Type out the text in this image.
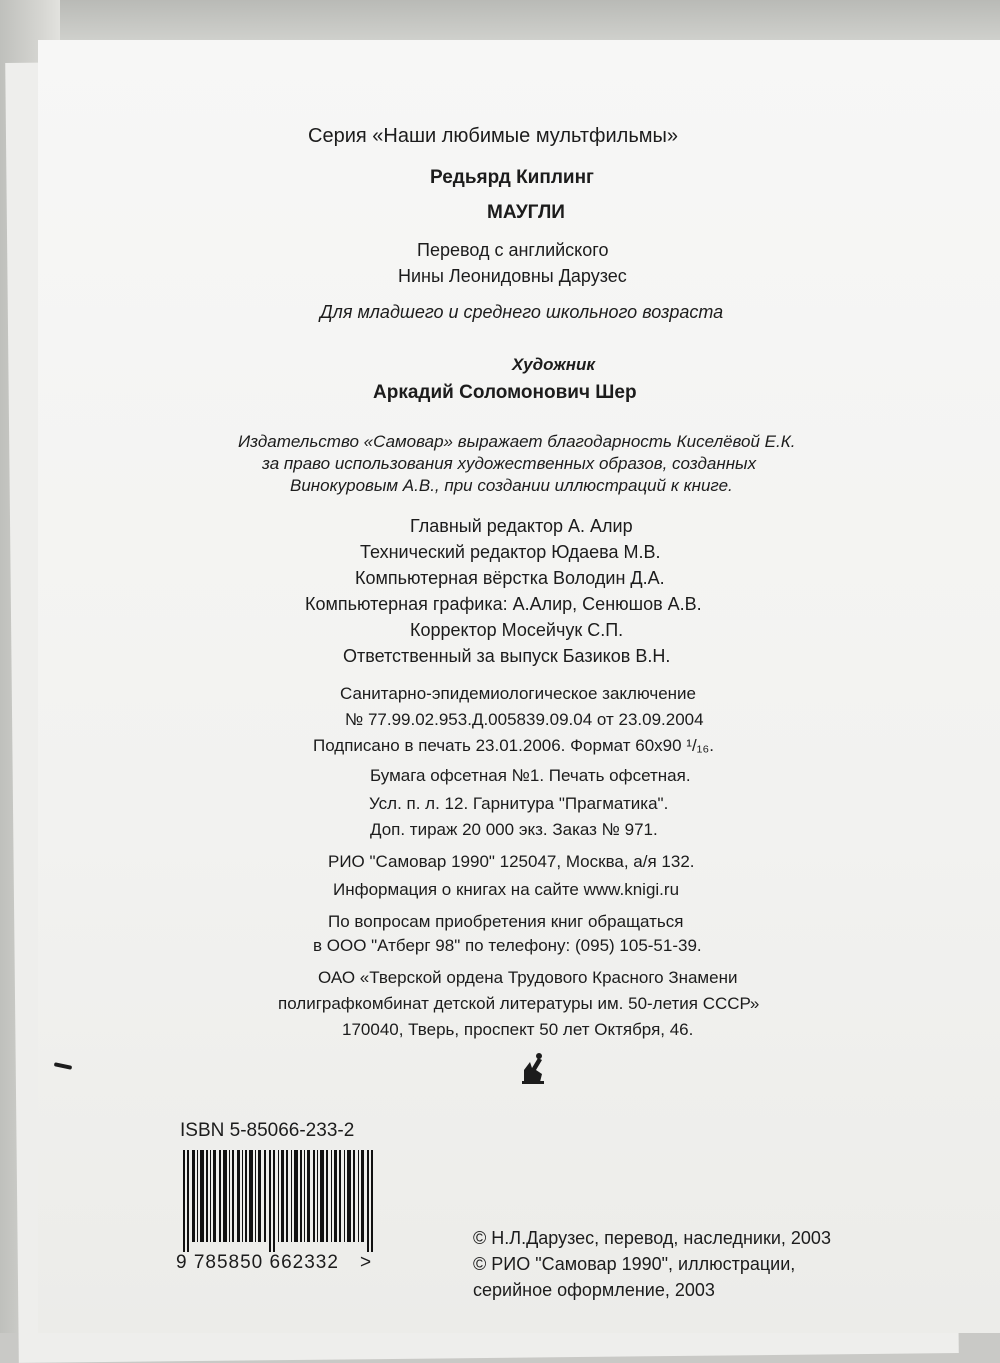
Серия «Наши любимые мультфильмы»
Редьярд Киплинг
МАУГЛИ
Перевод с английского
Нины Леонидовны Дарузес
Для младшего и среднего школьного возраста
Художник
Аркадий Соломонович Шер
Издательство «Самовар» выражает благодарность Киселёвой Е.К.
за право использования художественных образов, созданных
Винокуровым А.В., при создании иллюстраций к книге.
Главный редактор А. Алир
Технический редактор Юдаева М.В.
Компьютерная вёрстка Володин Д.А.
Компьютерная графика: А.Алир, Сенюшов А.В.
Корректор Мосейчук С.П.
Ответственный за выпуск Базиков В.Н.
Санитарно-эпидемиологическое заключение
№ 77.99.02.953.Д.005839.09.04 от 23.09.2004
Подписано в печать 23.01.2006. Формат 60x90 ¹/₁₆.
Бумага офсетная №1. Печать офсетная.
Усл. п. л. 12. Гарнитура "Прагматика".
Доп. тираж 20 000 экз. Заказ № 971.
РИО "Самовар 1990" 125047, Москва, а/я 132.
Информация о книгах на сайте www.knigi.ru
По вопросам приобретения книг обращаться
в ООО "Атберг 98" по телефону: (095) 105-51-39.
ОАО «Тверской ордена Трудового Красного Знамени
полиграфкомбинат детской литературы им. 50-летия СССР»
170040, Тверь, проспект 50 лет Октября, 46.
ISBN 5-85066-233-2
9 785850 662332 >
© Н.Л.Дарузес, перевод, наследники, 2003
© РИО "Самовар 1990", иллюстрации,
серийное оформление, 2003
